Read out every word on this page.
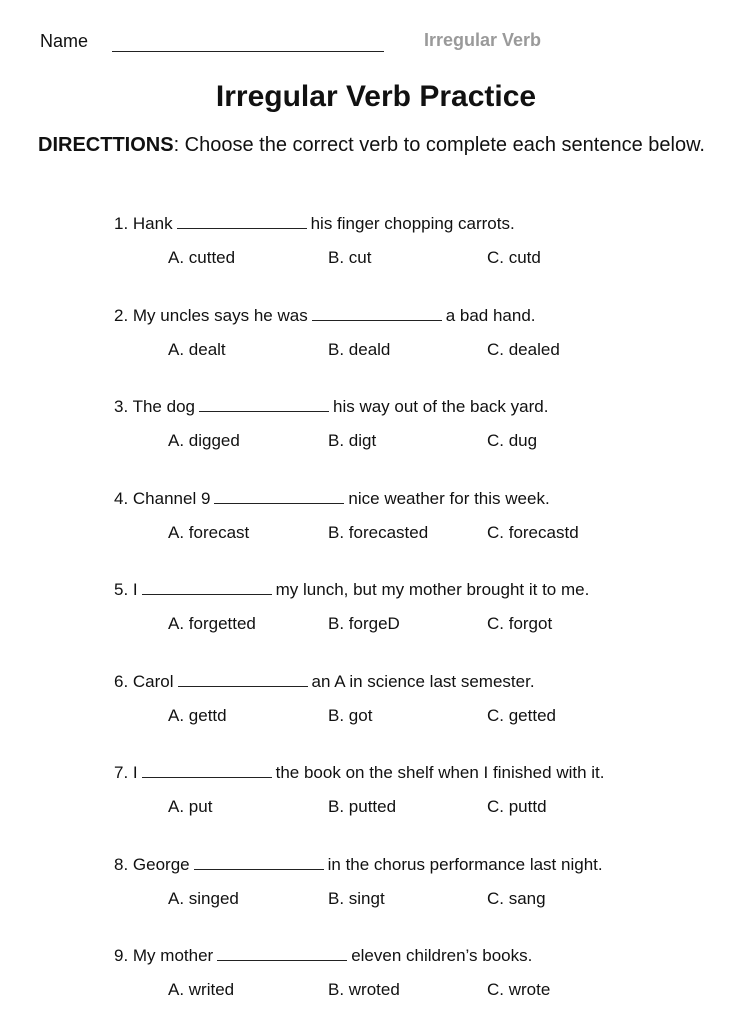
Name	Irregular Verb
Irregular Verb Practice
DIRECTTIONS: Choose the correct verb to complete each sentence below.
1. Hank	his finger chopping carrots.
A. cutted	B. cut	C. cutd
2. My uncles says he was	a bad hand.
A. dealt	B. deald	C. dealed
3. The dog	his way out of the back yard.
A. digged	B. digt	C. dug
4. Channel 9	nice weather for this week.
A. forecast	B. forecasted	C. forecastd
5. I	my lunch, but my mother brought it to me.
A. forgetted	B. forgeD	C. forgot
6. Carol	an A in science last semester.
A. gettd	B. got	C. getted
7. I	the book on the shelf when I finished with it.
A. put	B. putted	C. puttd
8. George	in the chorus performance last night.
A. singed	B. singt	C. sang
9. My mother	eleven children’s books.
A. writed	B. wroted	C. wrote
